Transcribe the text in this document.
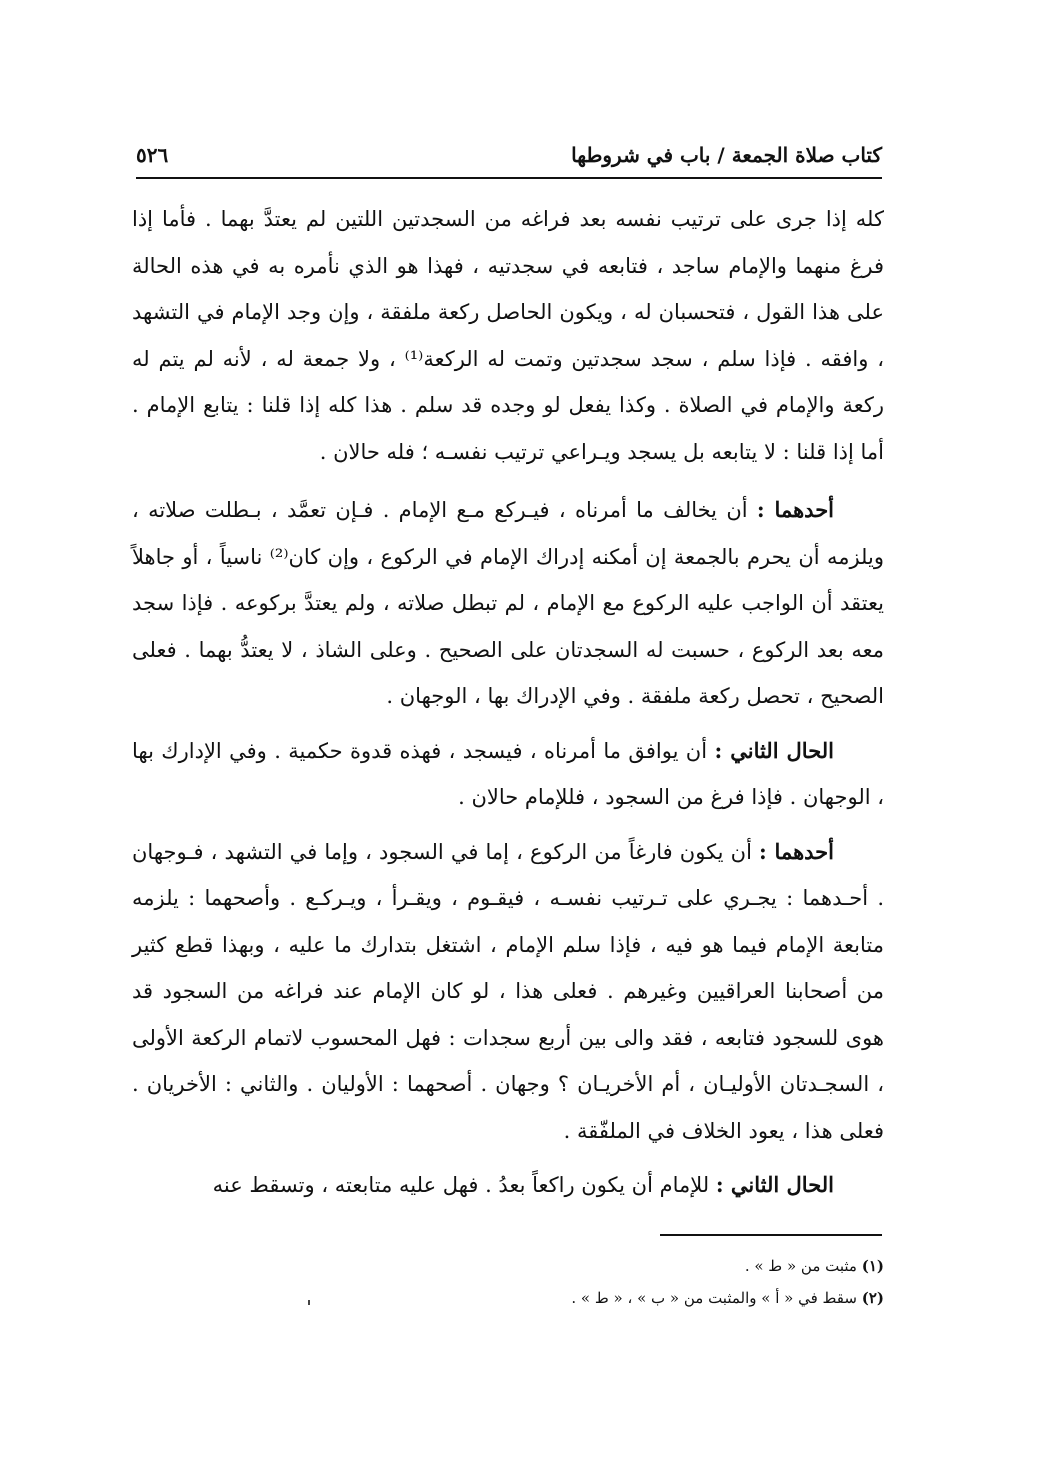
كتاب صلاة الجمعة / باب في شروطها
٥٢٦

كله إذا جرى على ترتيب نفسه بعد فراغه من السجدتين اللتين لم يعتدَّ بهما . فأما إذا فرغ منهما والإمام ساجد ، فتابعه في سجدتيه ، فهذا هو الذي نأمره به في هذه الحالة على هذا القول ، فتحسبان له ، ويكون الحاصل ركعة ملفقة ، وإن وجد الإمام في التشهد ، وافقه . فإذا سلم ، سجد سجدتين وتمت له الركعة⁽¹⁾ ، ولا جمعة له ، لأنه لم يتم له ركعة والإمام في الصلاة . وكذا يفعل لو وجده قد سلم . هذا كله إذا قلنا : يتابع الإمام . أما إذا قلنا : لا يتابعه بل يسجد ويـراعي ترتيب نفسـه ؛ فله حالان .

أحدهما : أن يخالف ما أمرناه ، فيـركع مـع الإمام . فـإن تعمَّد ، بـطلت صلاته ، ويلزمه أن يحرم بالجمعة إن أمكنه إدراك الإمام في الركوع ، وإن كان⁽²⁾ ناسياً ، أو جاهلاً يعتقد أن الواجب عليه الركوع مع الإمام ، لم تبطل صلاته ، ولم يعتدَّ بركوعه . فإذا سجد معه بعد الركوع ، حسبت له السجدتان على الصحيح . وعلى الشاذ ، لا يعتدُّ بهما . فعلى الصحيح ، تحصل ركعة ملفقة . وفي الإدراك بها ، الوجهان .

الحال الثاني : أن يوافق ما أمرناه ، فيسجد ، فهذه قدوة حكمية . وفي الإدارك بها ، الوجهان . فإذا فرغ من السجود ، فللإمام حالان .

أحدهما : أن يكون فارغاً من الركوع ، إما في السجود ، وإما في التشهد ، فـوجهان . أحـدهما : يجـري على تـرتيب نفسـه ، فيقـوم ، ويقـرأ ، ويـركـع . وأصحهما : يلزمه متابعة الإمام فيما هو فيه ، فإذا سلم الإمام ، اشتغل بتدارك ما عليه ، وبهذا قطع كثير من أصحابنا العراقيين وغيرهم . فعلى هذا ، لو كان الإمام عند فراغه من السجود قد هوى للسجود فتابعه ، فقد والى بين أربع سجدات : فهل المحسوب لاتمام الركعة الأولى ، السجـدتان الأوليـان ، أم الأخريـان ؟ وجهان . أصحهما : الأوليان . والثاني : الأخريان . فعلى هذا ، يعود الخلاف في الملفّقة .

الحال الثاني : للإمام أن يكون راكعاً بعدُ . فهل عليه متابعته ، وتسقط عنه

(١) مثبت من « ط » .

(٢) سقط في « أ » والمثبت من « ب » ، « ط » .
